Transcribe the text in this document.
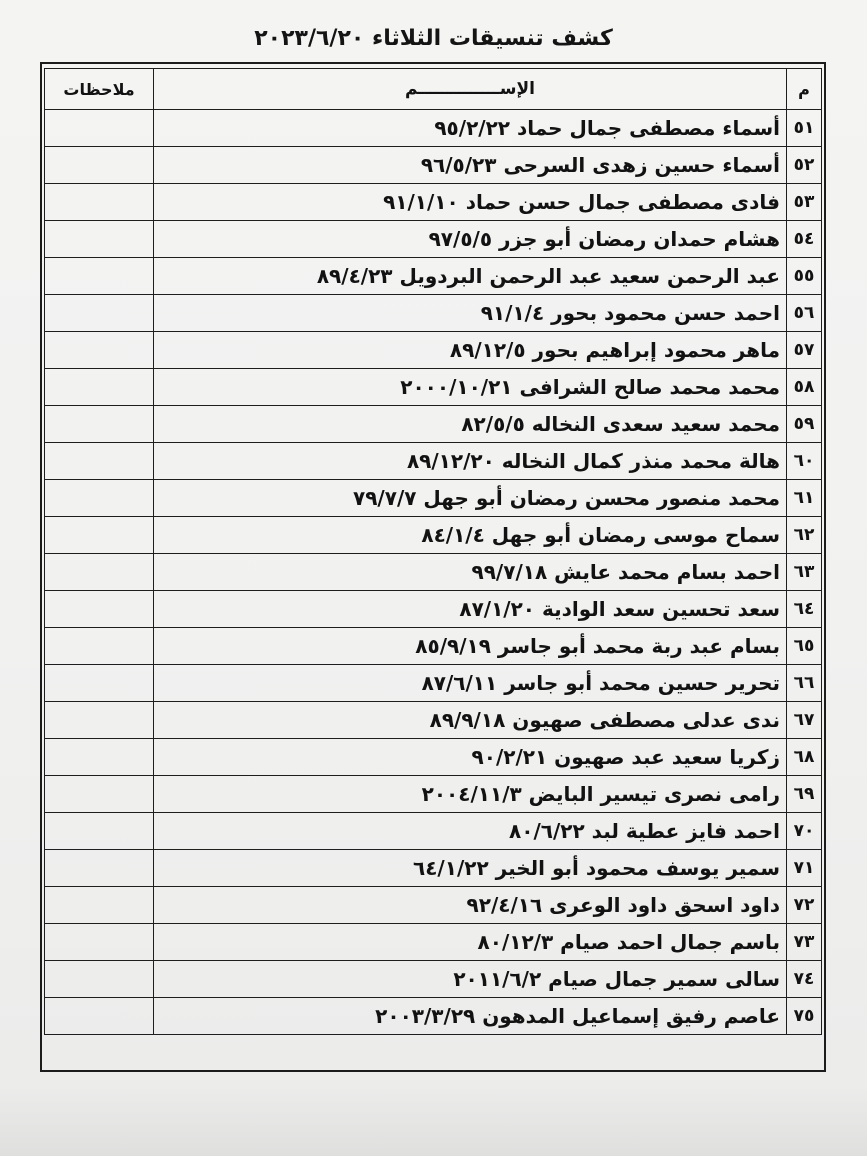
كشف تنسيقات الثلاثاء ٢٠٢٣/٦/٢٠
م	الإســــــــــــــم	ملاحظات
٥١	أسماء مصطفى جمال حماد ٩٥/٢/٢٢	
٥٢	أسماء حسين زهدى السرحى ٩٦/٥/٢٣	
٥٣	فادى مصطفى جمال حسن حماد ٩١/١/١٠	
٥٤	هشام حمدان رمضان أبو جزر ٩٧/٥/٥	
٥٥	عبد الرحمن سعيد عبد الرحمن البردويل ٨٩/٤/٢٣	
٥٦	احمد حسن محمود بحور ٩١/١/٤	
٥٧	ماهر محمود إبراهيم بحور ٨٩/١٢/٥	
٥٨	محمد محمد صالح الشرافى ٢٠٠٠/١٠/٢١	
٥٩	محمد سعيد سعدى النخاله ٨٢/٥/٥	
٦٠	هالة محمد منذر كمال النخاله ٨٩/١٢/٢٠	
٦١	محمد منصور محسن رمضان أبو جهل ٧٩/٧/٧	
٦٢	سماح موسى رمضان أبو جهل ٨٤/١/٤	
٦٣	احمد بسام محمد عايش ٩٩/٧/١٨	
٦٤	سعد تحسين سعد الوادية ٨٧/١/٢٠	
٦٥	بسام عبد ربة محمد أبو جاسر ٨٥/٩/١٩	
٦٦	تحرير حسين محمد أبو جاسر ٨٧/٦/١١	
٦٧	ندى عدلى مصطفى صهيون ٨٩/٩/١٨	
٦٨	زكريا سعيد عبد صهيون ٩٠/٢/٢١	
٦٩	رامى نصرى تيسير البايض ٢٠٠٤/١١/٣	
٧٠	احمد فايز عطية لبد ٨٠/٦/٢٢	
٧١	سمير يوسف محمود أبو الخير ٦٤/١/٢٢	
٧٢	داود اسحق داود الوعرى ٩٢/٤/١٦	
٧٣	باسم جمال احمد صيام ٨٠/١٢/٣	
٧٤	سالى سمير جمال صيام ٢٠١١/٦/٢	
٧٥	عاصم رفيق إسماعيل المدهون ٢٠٠٣/٣/٢٩	
